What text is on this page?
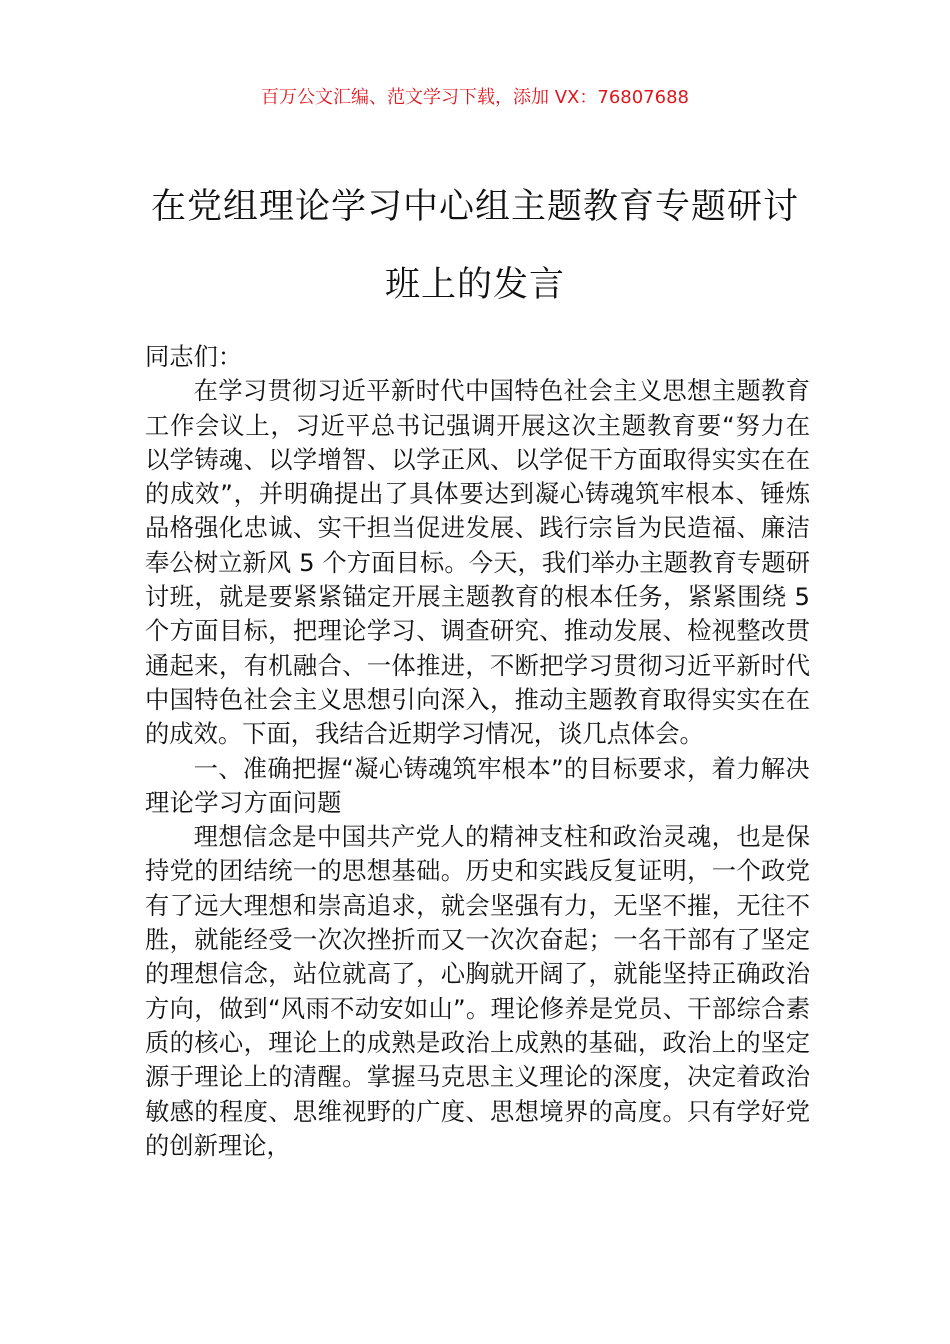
百万公文汇编、范文学习下载，添加 VX：76807688
在党组理论学习中心组主题教育专题研讨
班上的发言

同志们：

在学习贯彻习近平新时代中国特色社会主义思想主题教育工作会议上，习近平总书记强调开展这次主题教育要“努力在以学铸魂、以学增智、以学正风、以学促干方面取得实实在在的成效”，并明确提出了具体要达到凝心铸魂筑牢根本、锤炼品格强化忠诚、实干担当促进发展、践行宗旨为民造福、廉洁奉公树立新风 5 个方面目标。今天，我们举办主题教育专题研讨班，就是要紧紧锚定开展主题教育的根本任务，紧紧围绕 5 个方面目标，把理论学习、调查研究、推动发展、检视整改贯通起来，有机融合、一体推进，不断把学习贯彻习近平新时代中国特色社会主义思想引向深入，推动主题教育取得实实在在的成效。下面，我结合近期学习情况，谈几点体会。

一、准确把握“凝心铸魂筑牢根本”的目标要求，着力解决理论学习方面问题

理想信念是中国共产党人的精神支柱和政治灵魂，也是保持党的团结统一的思想基础。历史和实践反复证明，一个政党有了远大理想和崇高追求，就会坚强有力，无坚不摧，无往不胜，就能经受一次次挫折而又一次次奋起；一名干部有了坚定的理想信念，站位就高了，心胸就开阔了，就能坚持正确政治方向，做到“风雨不动安如山”。理论修养是党员、干部综合素质的核心，理论上的成熟是政治上成熟的基础，政治上的坚定源于理论上的清醒。掌握马克思主义理论的深度，决定着政治敏感的程度、思维视野的广度、思想境界的高度。只有学好党的创新理论，
